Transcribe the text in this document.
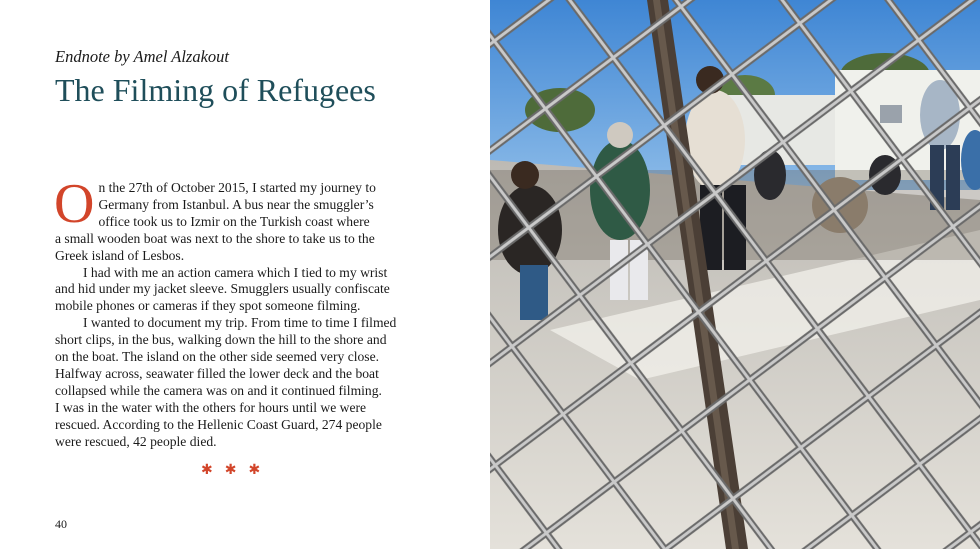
Endnote by Amel Alzakout
The Filming of Refugees

O n the 27th of October 2015, I started my journey to
Germany from Istanbul. A bus near the smuggler’s
office took us to Izmir on the Turkish coast where
a small wooden boat was next to the shore to take us to the
Greek island of Lesbos.

I had with me an action camera which I tied to my wrist
and hid under my jacket sleeve. Smugglers usually confiscate
mobile phones or cameras if they spot someone filming.

I wanted to document my trip. From time to time I filmed
short clips, in the bus, walking down the hill to the shore and
on the boat. The island on the other side seemed very close.
Halfway across, seawater filled the lower deck and the boat
collapsed while the camera was on and it continued filming.
I was in the water with the others for hours until we were
rescued. According to the Hellenic Coast Guard, 274 people
were rescued, 42 people died.

✱ ✱ ✱
40
